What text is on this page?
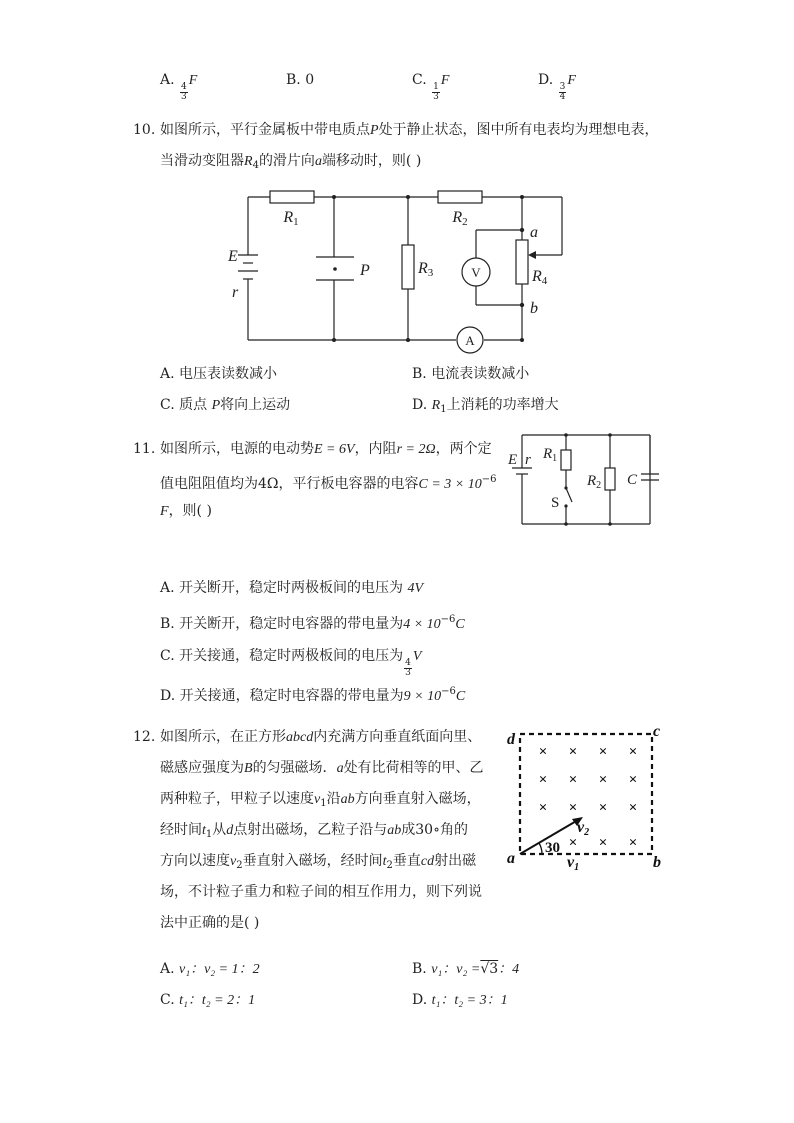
A.
$\frac{4}{3}$
F	B. 0	C.
$\frac{1}{3}$
F	D.
$\frac{3}{4}$
F
10. 如图所示，平行金属板中带电质点P处于静止状态，图中所有电表均为理想电表，
当滑动变阻器$R_4$的滑片向a端移动时，则( )
R1	R2
R3	R4
E
r
P
a
b
V
A
A. 电压表读数减小	B. 电流表读数减小
C. 质点 P将向上运动	D. $R_1$上消耗的功率增大
11. 如图所示，电源的电动势E = 6V，内阻r = 2Ω，两个定
值电阻阻值均为4Ω，平行板电容器的电容$C = 3 \times 10^{-6}$
F，则( )
E r $R_1$
$R_2$ C
S
A. 开关断开，稳定时两极板间的电压为 4V
B. 开关断开，稳定时电容器的带电量为$4 \times 10^{-6}C$
C. 开关接通，稳定时两极板间的电压为
$\frac{4}{3}$
V
D. 开关接通，稳定时电容器的带电量为$9 \times 10^{-6}C$
12. 如图所示，在正方形abcd内充满方向垂直纸面向里、
磁感应强度为B的匀强磁场．a处有比荷相等的甲、乙
两种粒子，甲粒子以速度$v_1$沿ab方向垂直射入磁场，
经时间$t_1$从d点射出磁场，乙粒子沿与ab成30∘角的
方向以速度$v_2$垂直射入磁场，经时间$t_2$垂直cd射出磁
场，不计粒子重力和粒子间的相互作用力，则下列说
法中正确的是( )
× × × ×
× × × ×
× × × ×
× × ×
a	b
c
d
v2
v1
30
A. v₁：v₂ = 1：2	B. v₁：v₂ =√3：4
C. t₁：t₂ = 2：1	D. t₁：t₂ = 3：1
